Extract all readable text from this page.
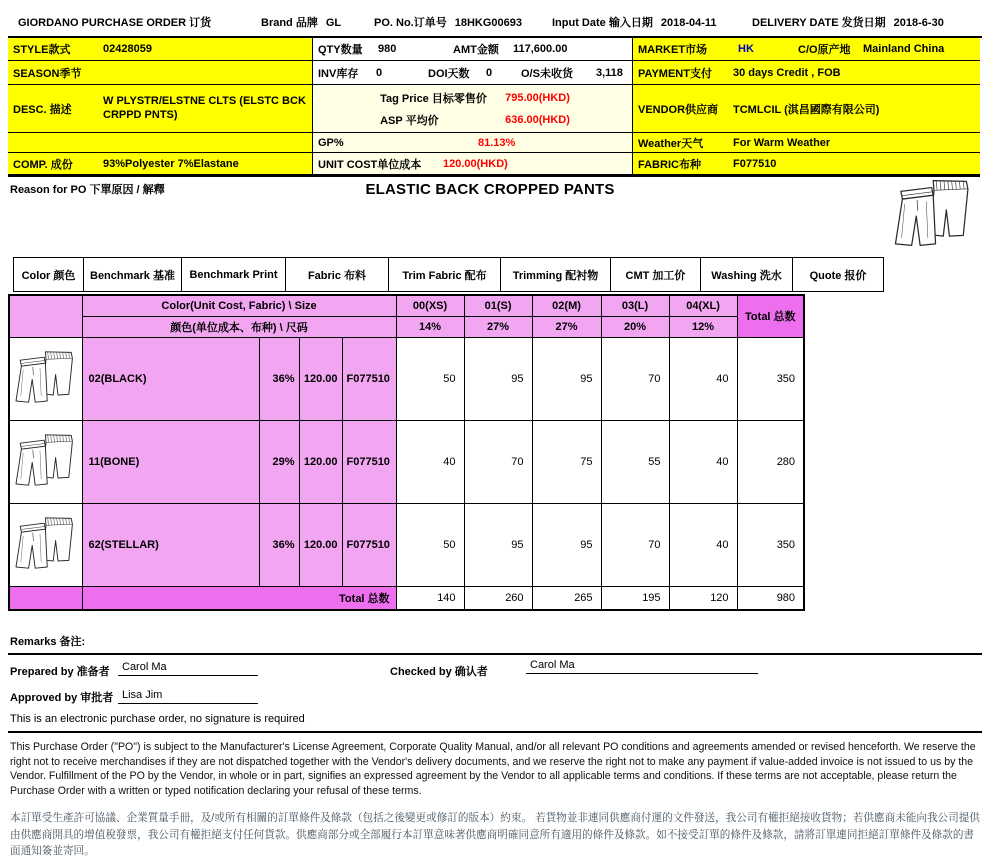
GIORDANO PURCHASE ORDER 订货	Brand 品牌 GL	PO. No.订单号 18HKG00693	Input Date 输入日期 2018-04-11	DELIVERY DATE 发货日期 2018-6-30
STYLE款式	02428059	QTY数量	980	AMT金额	117,600.00	MARKET市场	HK	C/O原产地	Mainland China
SEASON季节	INV库存	0	DOI天数	0	O/S未收货	3,118 PAYMENT支付	30 days Credit , FOB
DESC. 描述
W PLYSTR/ELSTNE CLTS (ELSTC BCK CRPPD PNTS)
Tag Price 目标零售价	795.00(HKD)
ASP 平均价	636.00(HKD)
VENDOR供应商	TCMLCIL (淇昌國際有限公司)
GP%	81.13%	Weather天气	For Warm Weather
COMP. 成份	93%Polyester 7%Elastane	UNIT COST单位成本	120.00(HKD)	FABRIC布种	F077510
Reason for PO 下單原因 / 解釋	ELASTIC BACK CROPPED PANTS
Color 颜色	Benchmark 基准	Benchmark Print	Fabric 布料	Trim Fabric 配布	Trimming 配衬物	CMT 加工价	Washing 洗水	Quote 报价
	Color(Unit Cost, Fabric) \ Size				00(XS)	01(S)	02(M)	03(L)	04(XL)	Total 总数
	颜色(单位成本、布种) \ 尺码				14%	27%	27%	20%	12%	
	02(BLACK)	36%	120.00	F077510	50	95	95	70	40	350
	11(BONE)	29%	120.00	F077510	40	70	75	55	40	280
	62(STELLAR)	36%	120.00	F077510	50	95	95	70	40	350
	Total 总数				140	260	265	195	120	980
Remarks 备注:
Prepared by 准备者	Carol Ma	Checked by 确认者
Carol Ma
Approved by 审批者 Lisa Jim
This is an electronic purchase order, no signature is required
This Purchase Order ("PO") is subject to the Manufacturer's License Agreement, Corporate Quality Manual, and/or all relevant PO conditions and agreements amended or revised henceforth. We reserve the right not to receive merchandises if they are not dispatched together with the Vendor's delivery documents, and we reserve the right not to make any payment if value-added invoice is not issued to us by the Vendor. Fulfillment of the PO by the Vendor, in whole or in part, signifies an expressed agreement by the Vendor to all applicable terms and conditions. If these terms are not acceptable, please return the Purchase Order with a written or typed notification declaring your refusal of these terms.
本訂單受生產許可協議、企業質量手冊，及/或所有相關的訂單條件及條款（包括之後變更或修訂的版本）約束。 若貨物並非連同供應商付運的文件發送，我公司有權拒絕接收貨物；若供應商未能向我公司提供由供應商開具的增值稅發票，我公司有權拒絕支付任何貨款。供應商部分或全部履行本訂單意味著供應商明確同意所有適用的條件及條款。如不接受訂單的條件及條款，請將訂單連同拒絕訂單條件及條款的書面通知簽並寄回。
